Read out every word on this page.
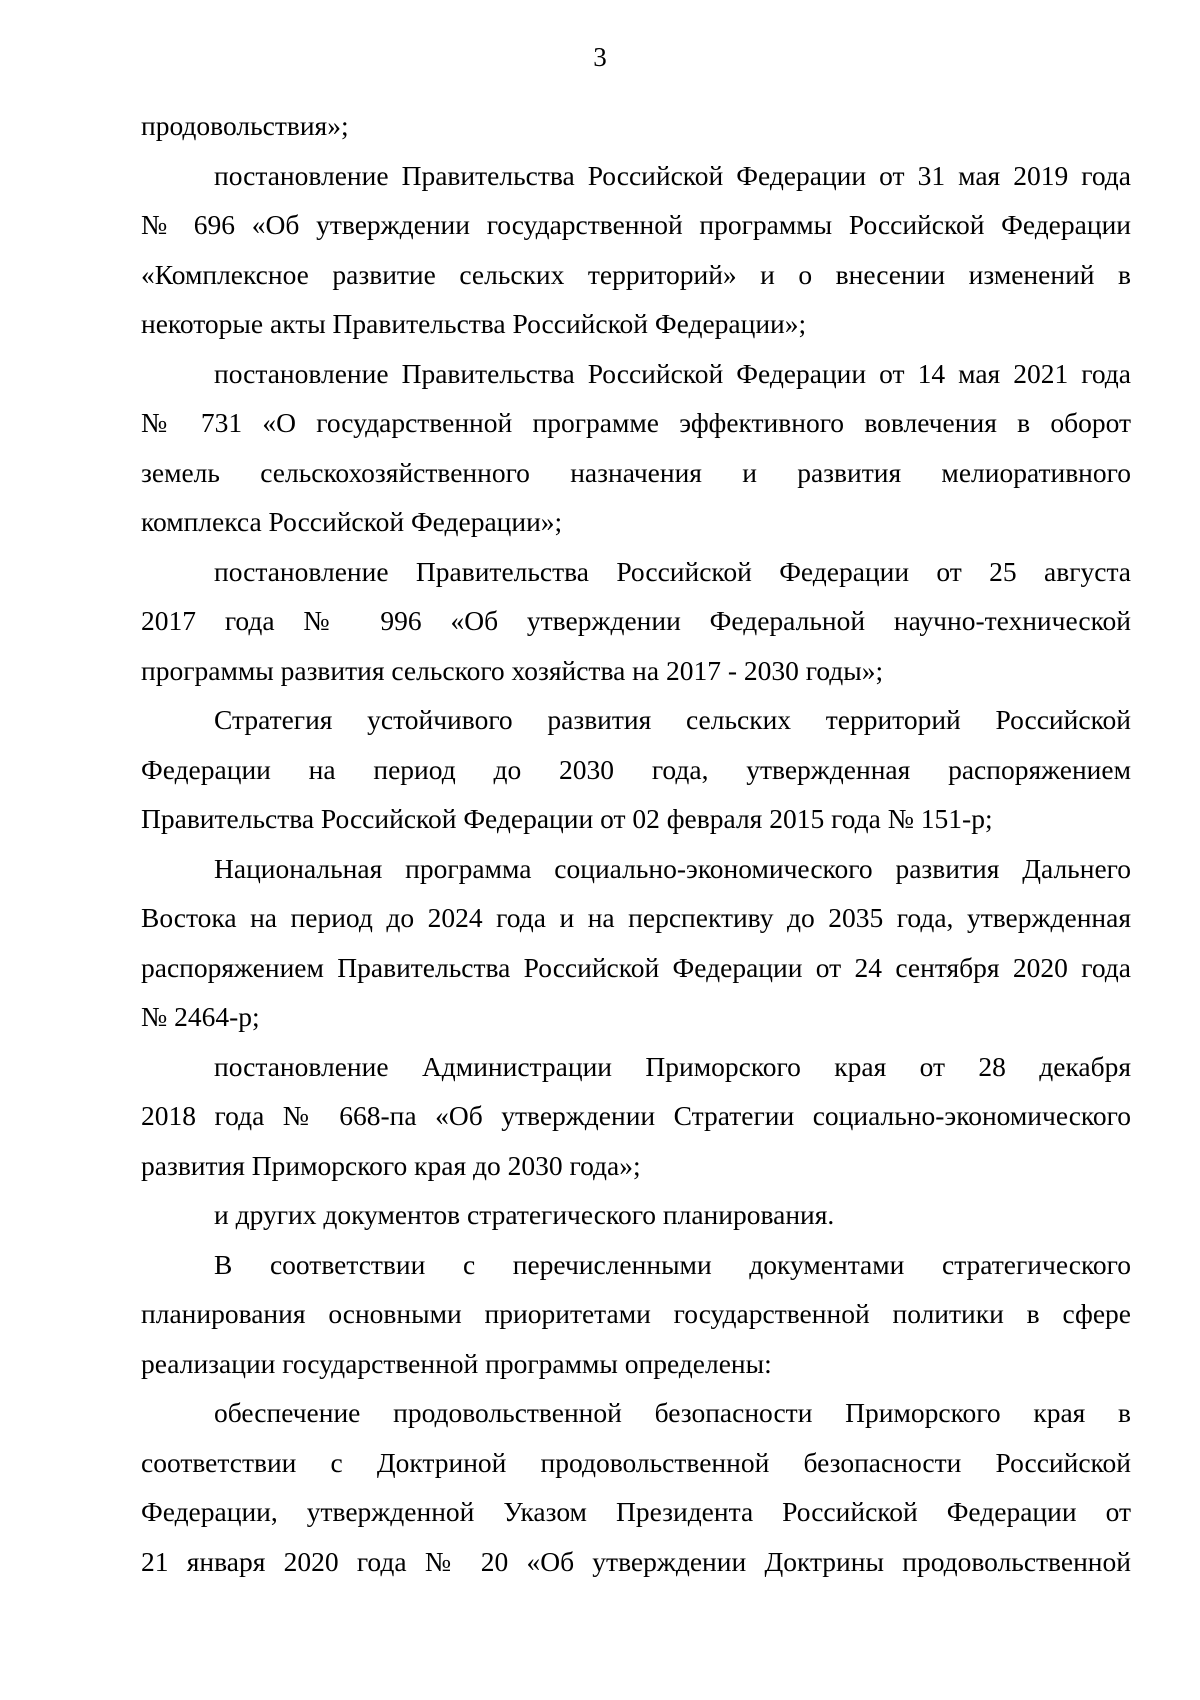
3
продовольствия»;
постановление Правительства Российской Федерации от 31 мая 2019 года
№ 696 «Об утверждении государственной программы Российской Федерации
«Комплексное развитие сельских территорий» и о внесении изменений в
некоторые акты Правительства Российской Федерации»;
постановление Правительства Российской Федерации от 14 мая 2021 года
№ 731 «О государственной программе эффективного вовлечения в оборот
земель сельскохозяйственного назначения и развития мелиоративного
комплекса Российской Федерации»;
постановление Правительства Российской Федерации от 25 августа
2017 года № 996 «Об утверждении Федеральной научно-технической
программы развития сельского хозяйства на 2017 - 2030 годы»;
Стратегия устойчивого развития сельских территорий Российской
Федерации на период до 2030 года, утвержденная распоряжением
Правительства Российской Федерации от 02 февраля 2015 года № 151-р;
Национальная программа социально-экономического развития Дальнего
Востока на период до 2024 года и на перспективу до 2035 года, утвержденная
распоряжением Правительства Российской Федерации от 24 сентября 2020 года
№ 2464-р;
постановление Администрации Приморского края от 28 декабря
2018 года № 668-па «Об утверждении Стратегии социально-экономического
развития Приморского края до 2030 года»;
и других документов стратегического планирования.
В соответствии с перечисленными документами стратегического
планирования основными приоритетами государственной политики в сфере
реализации государственной программы определены:
обеспечение продовольственной безопасности Приморского края в
соответствии с Доктриной продовольственной безопасности Российской
Федерации, утвержденной Указом Президента Российской Федерации от
21 января 2020 года № 20 «Об утверждении Доктрины продовольственной
